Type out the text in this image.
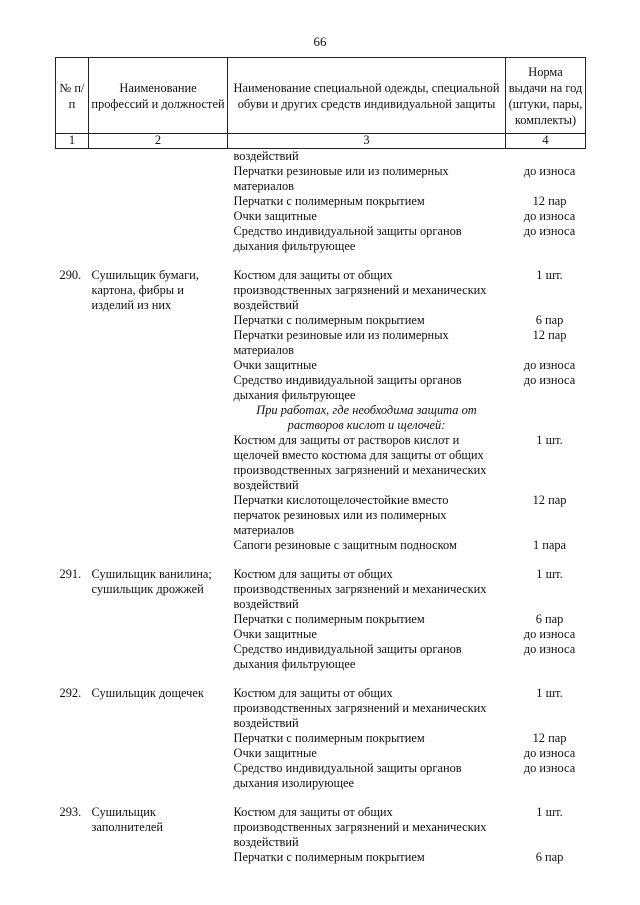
66
№ п/п	Наименование профессий и должностей	Наименование специальной одежды, специальной обуви и других средств индивидуальной защиты	Норма выдачи на год (штуки, пары, комплекты)
1	2	3	4
		воздействий	
		Перчатки резиновые или из полимерных материалов	до износа
		Перчатки с полимерным покрытием	12 пар
		Очки защитные	до износа
		Средство индивидуальной защиты органов дыхания фильтрующее	до износа

290.	Сушильщик бумаги, картона, фибры и изделий из них	Костюм для защиты от общих производственных загрязнений и механических воздействий	1 шт.
		Перчатки с полимерным покрытием	6 пар
		Перчатки резиновые или из полимерных материалов	12 пар
		Очки защитные	до износа
		Средство индивидуальной защиты органов дыхания фильтрующее	до износа
		При работах, где необходима защита от растворов кислот и щелочей:	
		Костюм для защиты от растворов кислот и щелочей вместо костюма для защиты от общих производственных загрязнений и механических воздействий	1 шт.
		Перчатки кислотощелочестойкие вместо перчаток резиновых или из полимерных материалов	12 пар
		Сапоги резиновые с защитным подноском	1 пара

291.	Сушильщик ванилина; сушильщик дрожжей	Костюм для защиты от общих производственных загрязнений и механических воздействий	1 шт.
		Перчатки с полимерным покрытием	6 пар
		Очки защитные	до износа
		Средство индивидуальной защиты органов дыхания фильтрующее	до износа

292.	Сушильщик дощечек	Костюм для защиты от общих производственных загрязнений и механических воздействий	1 шт.
		Перчатки с полимерным покрытием	12 пар
		Очки защитные	до износа
		Средство индивидуальной защиты органов дыхания изолирующее	до износа

293.	Сушильщик заполнителей	Костюм для защиты от общих производственных загрязнений и механических воздействий	1 шт.
		Перчатки с полимерным покрытием	6 пар
